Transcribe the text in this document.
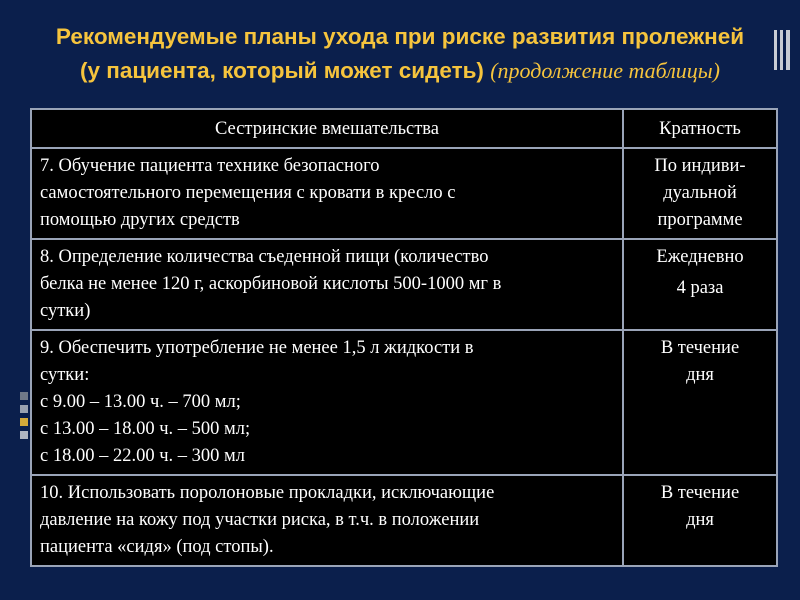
Рекомендуемые планы ухода при риске развития пролежней
(у пациента, который может сидеть) (продолжение таблицы)
Сестринские вмешательства	Кратность

7. Обучение пациента технике безопасного
самостоятельного перемещения с кровати в кресло с
помощью других средств	По индиви-
дуальной
программе

8. Определение количества съеденной пищи (количество
белка не менее 120 г, аскорбиновой кислоты 500-1000 мг в
сутки)	Ежедневно
4 раза

9. Обеспечить употребление не менее 1,5 л жидкости в
сутки:
с 9.00 – 13.00 ч. – 700 мл;
с 13.00 – 18.00 ч. – 500 мл;
с 18.00 – 22.00 ч. – 300 мл	В течение
дня

10. Использовать поролоновые прокладки, исключающие
давление на кожу под участки риска, в т.ч. в положении
пациента «сидя» (под стопы).	В течение
дня
